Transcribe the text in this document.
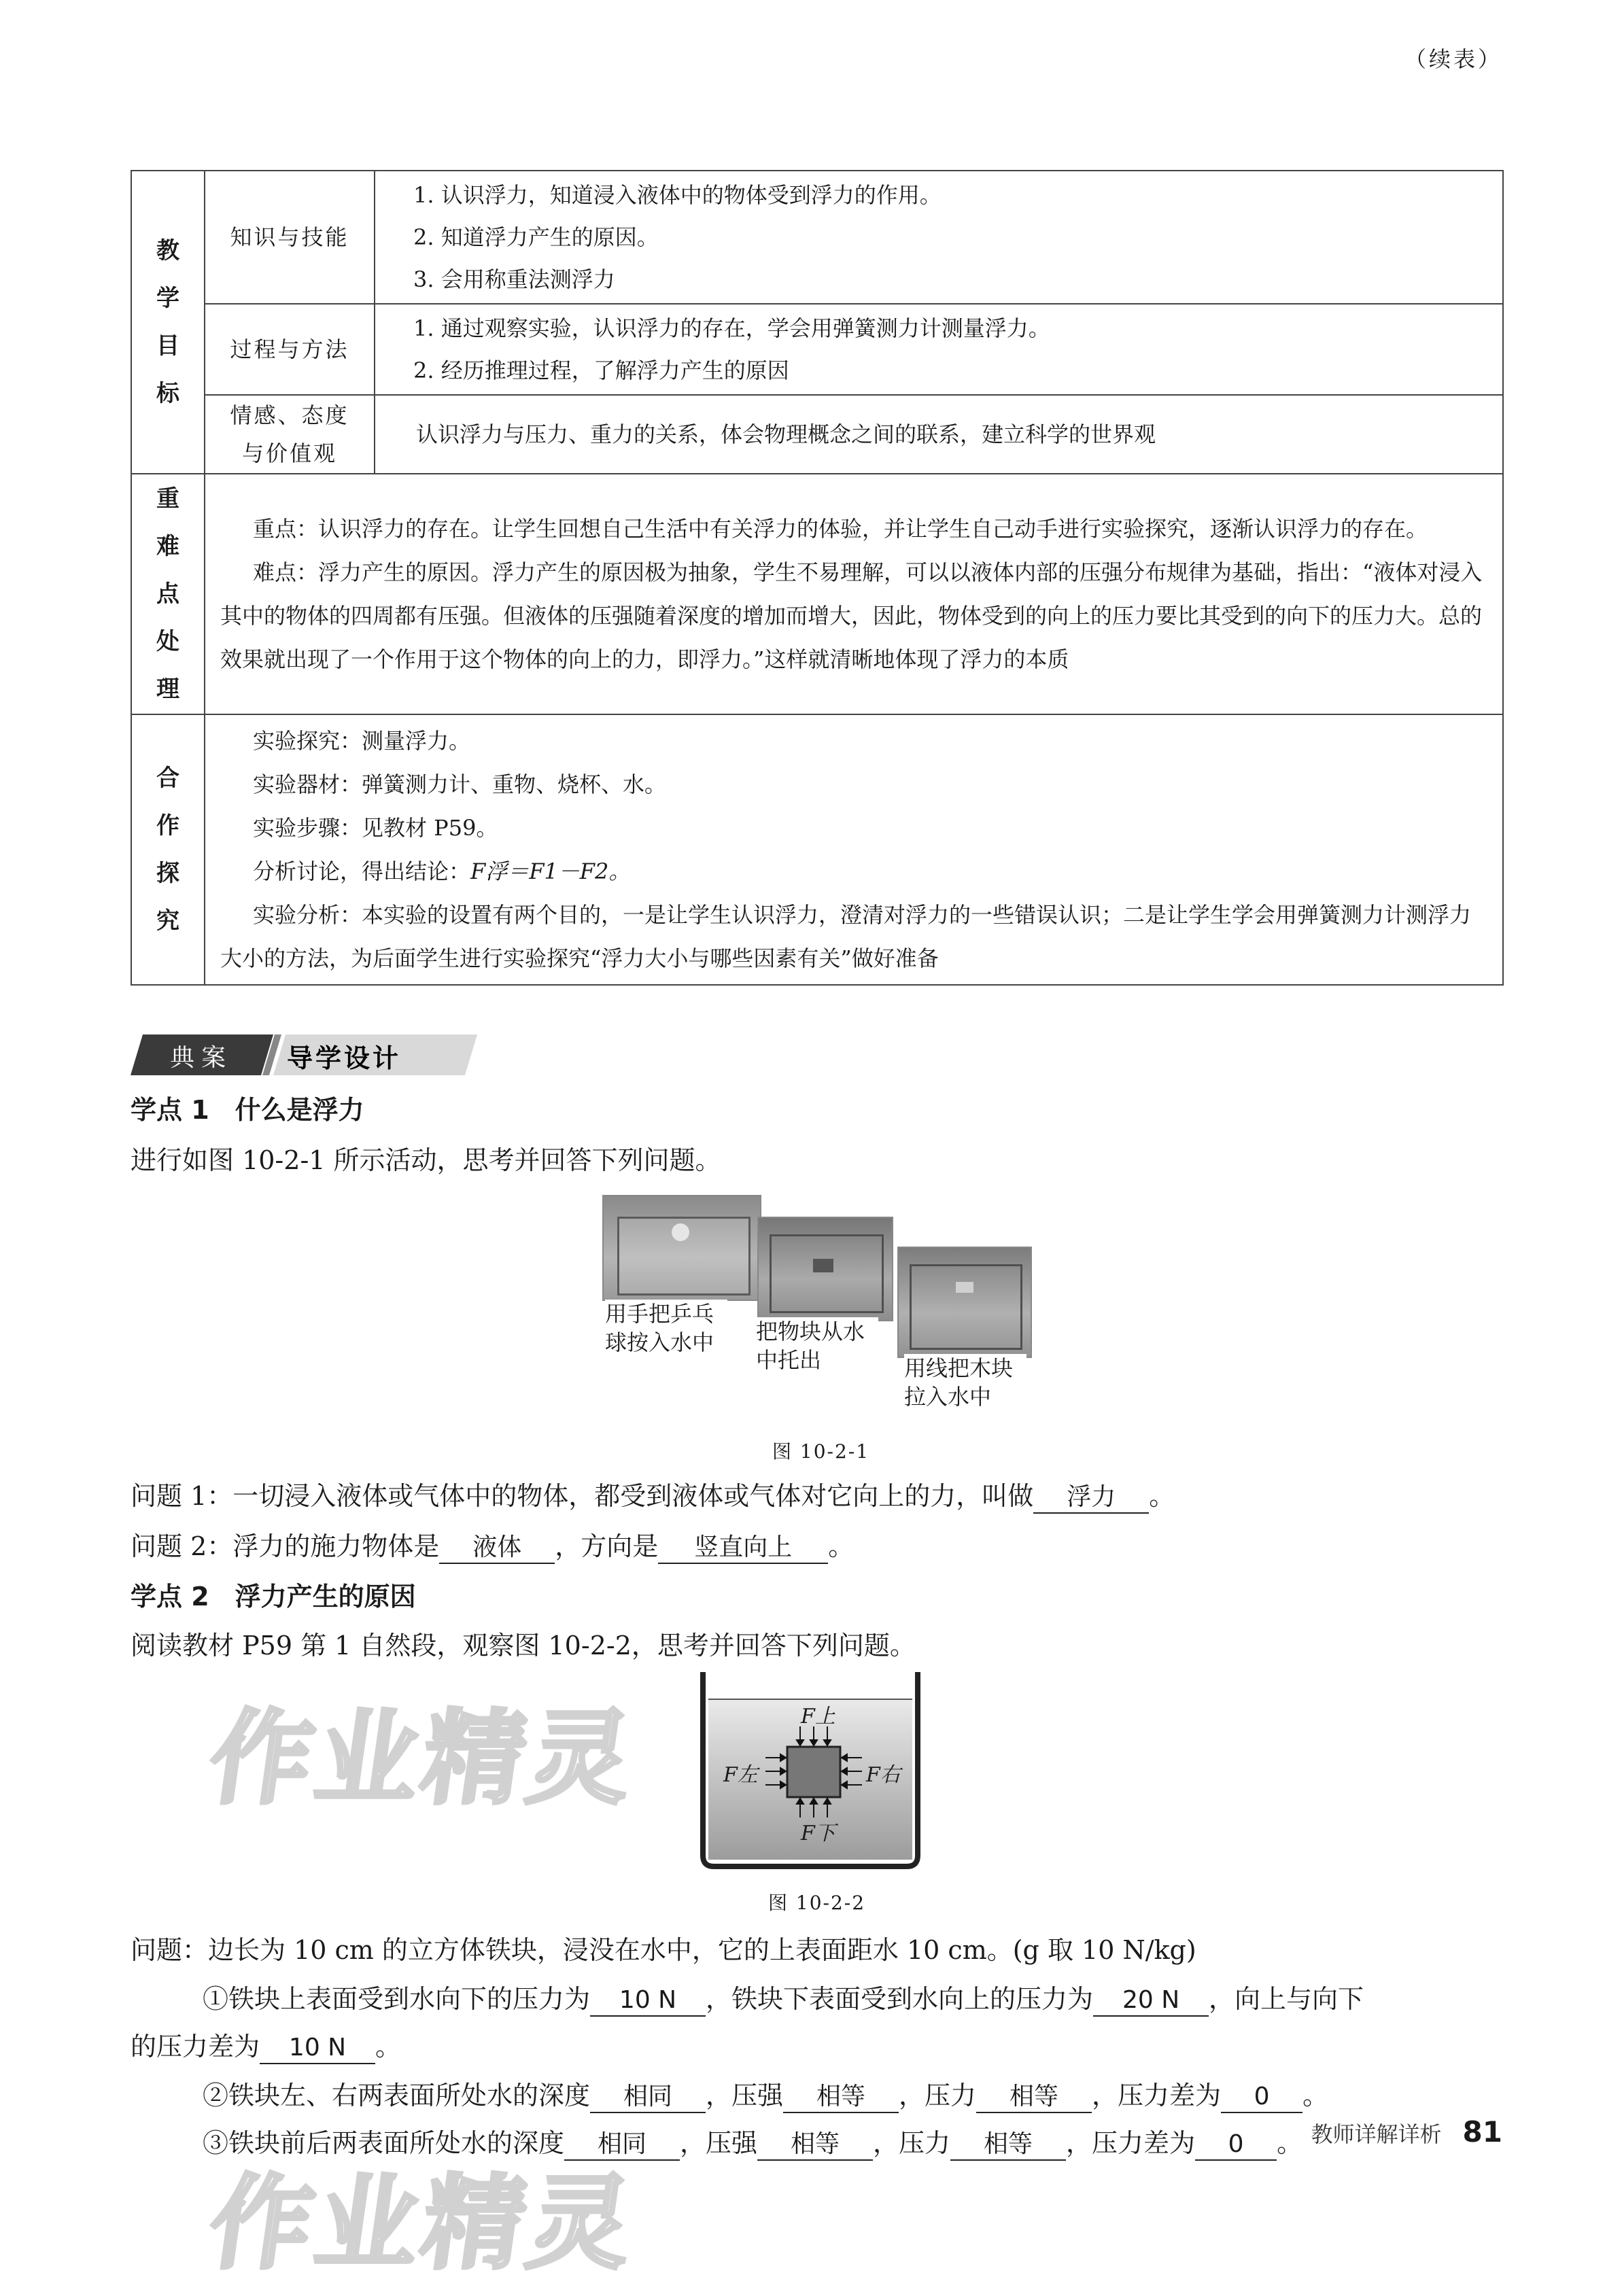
（续表）
教学目标	知识与技能	1. 认识浮力，知道浸入液体中的物体受到浮力的作用。
2. 知道浮力产生的原因。
3. 会用称重法测浮力

	过程与方法	1. 通过观察实验，认识浮力的存在，学会用弹簧测力计测量浮力。
2. 经历推理过程，了解浮力产生的原因

	情感、态度
与价值观	认识浮力与压力、重力的关系，体会物理概念之间的联系，建立科学的世界观

重难点处理	重点：认识浮力的存在。让学生回想自己生活中有关浮力的体验，并让学生自己动手进行实验探究，逐渐认识浮力的存在。
难点：浮力产生的原因。浮力产生的原因极为抽象，学生不易理解，可以以液体内部的压强分布规律为基础，指出：“液体对浸入其中的物体的四周都有压强。但液体的压强随着深度的增加而增大，因此，物体受到的向上的压力要比其受到的向下的压力大。总的效果就出现了一个作用于这个物体的向上的力，即浮力。”这样就清晰地体现了浮力的本质	

合作探究	实验探究：测量浮力。
实验器材：弹簧测力计、重物、烧杯、水。
实验步骤：见教材 P59。
分析讨论，得出结论：F浮＝F1－F2。
实验分析：本实验的设置有两个目的，一是让学生认识浮力，澄清对浮力的一些错误认识；二是让学生学会用弹簧测力计测浮力大小的方法，为后面学生进行实验探究“浮力大小与哪些因素有关”做好准备	
典案 导学设计
学点 1　什么是浮力
进行如图 10-2-1 所示活动，思考并回答下列问题。
用手把乒乓球按入水中	把物块从水中托出	用线把木块拉入水中
图 10-2-1
问题 1：一切浸入液体或气体中的物体，都受到液体或气体对它向上的力，叫做 浮力 。
问题 2：浮力的施力物体是 液体 ，方向是 竖直向上 。
学点 2　浮力产生的原因
阅读教材 P59 第 1 自然段，观察图 10-2-2，思考并回答下列问题。
F上
F下
F左	F右
图 10-2-2
问题：边长为 10 cm 的立方体铁块，浸没在水中，它的上表面距水 10 cm。(g 取 10 N/kg)
①铁块上表面受到水向下的压力为 10 N ，铁块下表面受到水向上的压力为 20 N ，向上与向下
的压力差为 10 N 。
②铁块左、右两表面所处水的深度 相同 ，压强 相等 ，压力 相等 ，压力差为 0 。
③铁块前后两表面所处水的深度 相同 ，压强 相等 ，压力 相等 ，压力差为 0 。
作业精灵
作业精灵
教师详解详析 81
